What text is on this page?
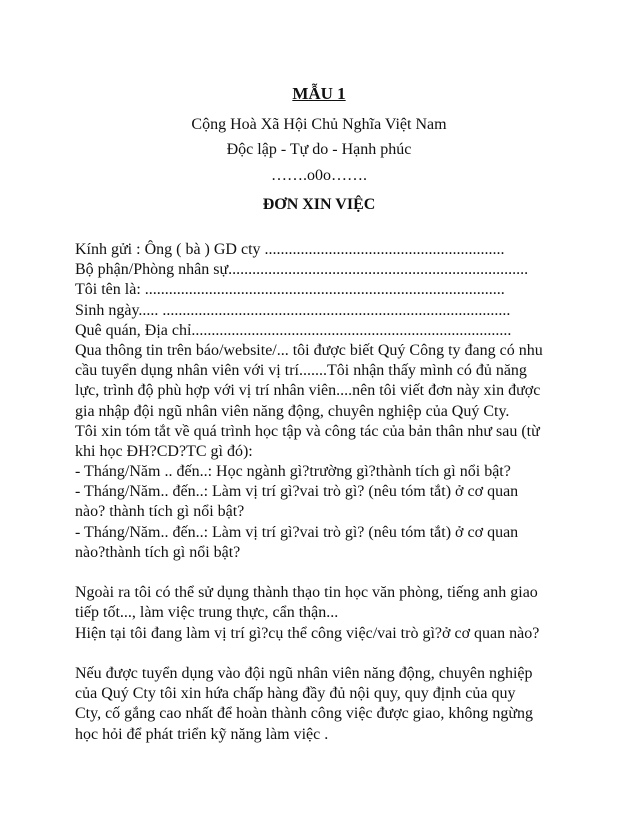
MẪU 1
Cộng Hoà Xã Hội Chủ Nghĩa Việt Nam
Độc lập - Tự do - Hạnh phúc
…….o0o…….
ĐƠN XIN VIỆC
Kính gửi : Ông ( bà ) GD cty ............................................................
Bộ phận/Phòng nhân sự...........................................................................
Tôi tên là: ..........................................................................................
Sinh ngày..... .......................................................................................
Quê quán, Địa chỉ................................................................................
Qua thông tin trên báo/website/... tôi được biết Quý Công ty đang có nhu
cầu tuyển dụng nhân viên với vị trí.......Tôi nhận thấy mình có đủ năng
lực, trình độ phù hợp với vị trí nhân viên....nên tôi viết đơn này xin được
gia nhập đội ngũ nhân viên năng động, chuyên nghiệp của Quý Cty.
Tôi xin tóm tắt về quá trình học tập và công tác của bản thân như sau (từ
khi học ĐH?CD?TC gì đó):
- Tháng/Năm .. đến..: Học ngành gì?trường gì?thành tích gì nổi bật?
- Tháng/Năm.. đến..: Làm vị trí gì?vai trò gì? (nêu tóm tắt) ở cơ quan
nào? thành tích gì nổi bật?
- Tháng/Năm.. đến..: Làm vị trí gì?vai trò gì? (nêu tóm tắt) ở cơ quan
nào?thành tích gì nổi bật?
Ngoài ra tôi có thể sử dụng thành thạo tin học văn phòng, tiếng anh giao
tiếp tốt..., làm việc trung thực, cẩn thận...
Hiện tại tôi đang làm vị trí gì?cụ thể công việc/vai trò gì?ở cơ quan nào?
Nếu được tuyển dụng vào đội ngũ nhân viên năng động, chuyên nghiệp
của Quý Cty tôi xin hứa chấp hàng đầy đủ nội quy, quy định của quy
Cty, cố gắng cao nhất để hoàn thành công việc được giao, không ngừng
học hỏi để phát triển kỹ năng làm việc .
